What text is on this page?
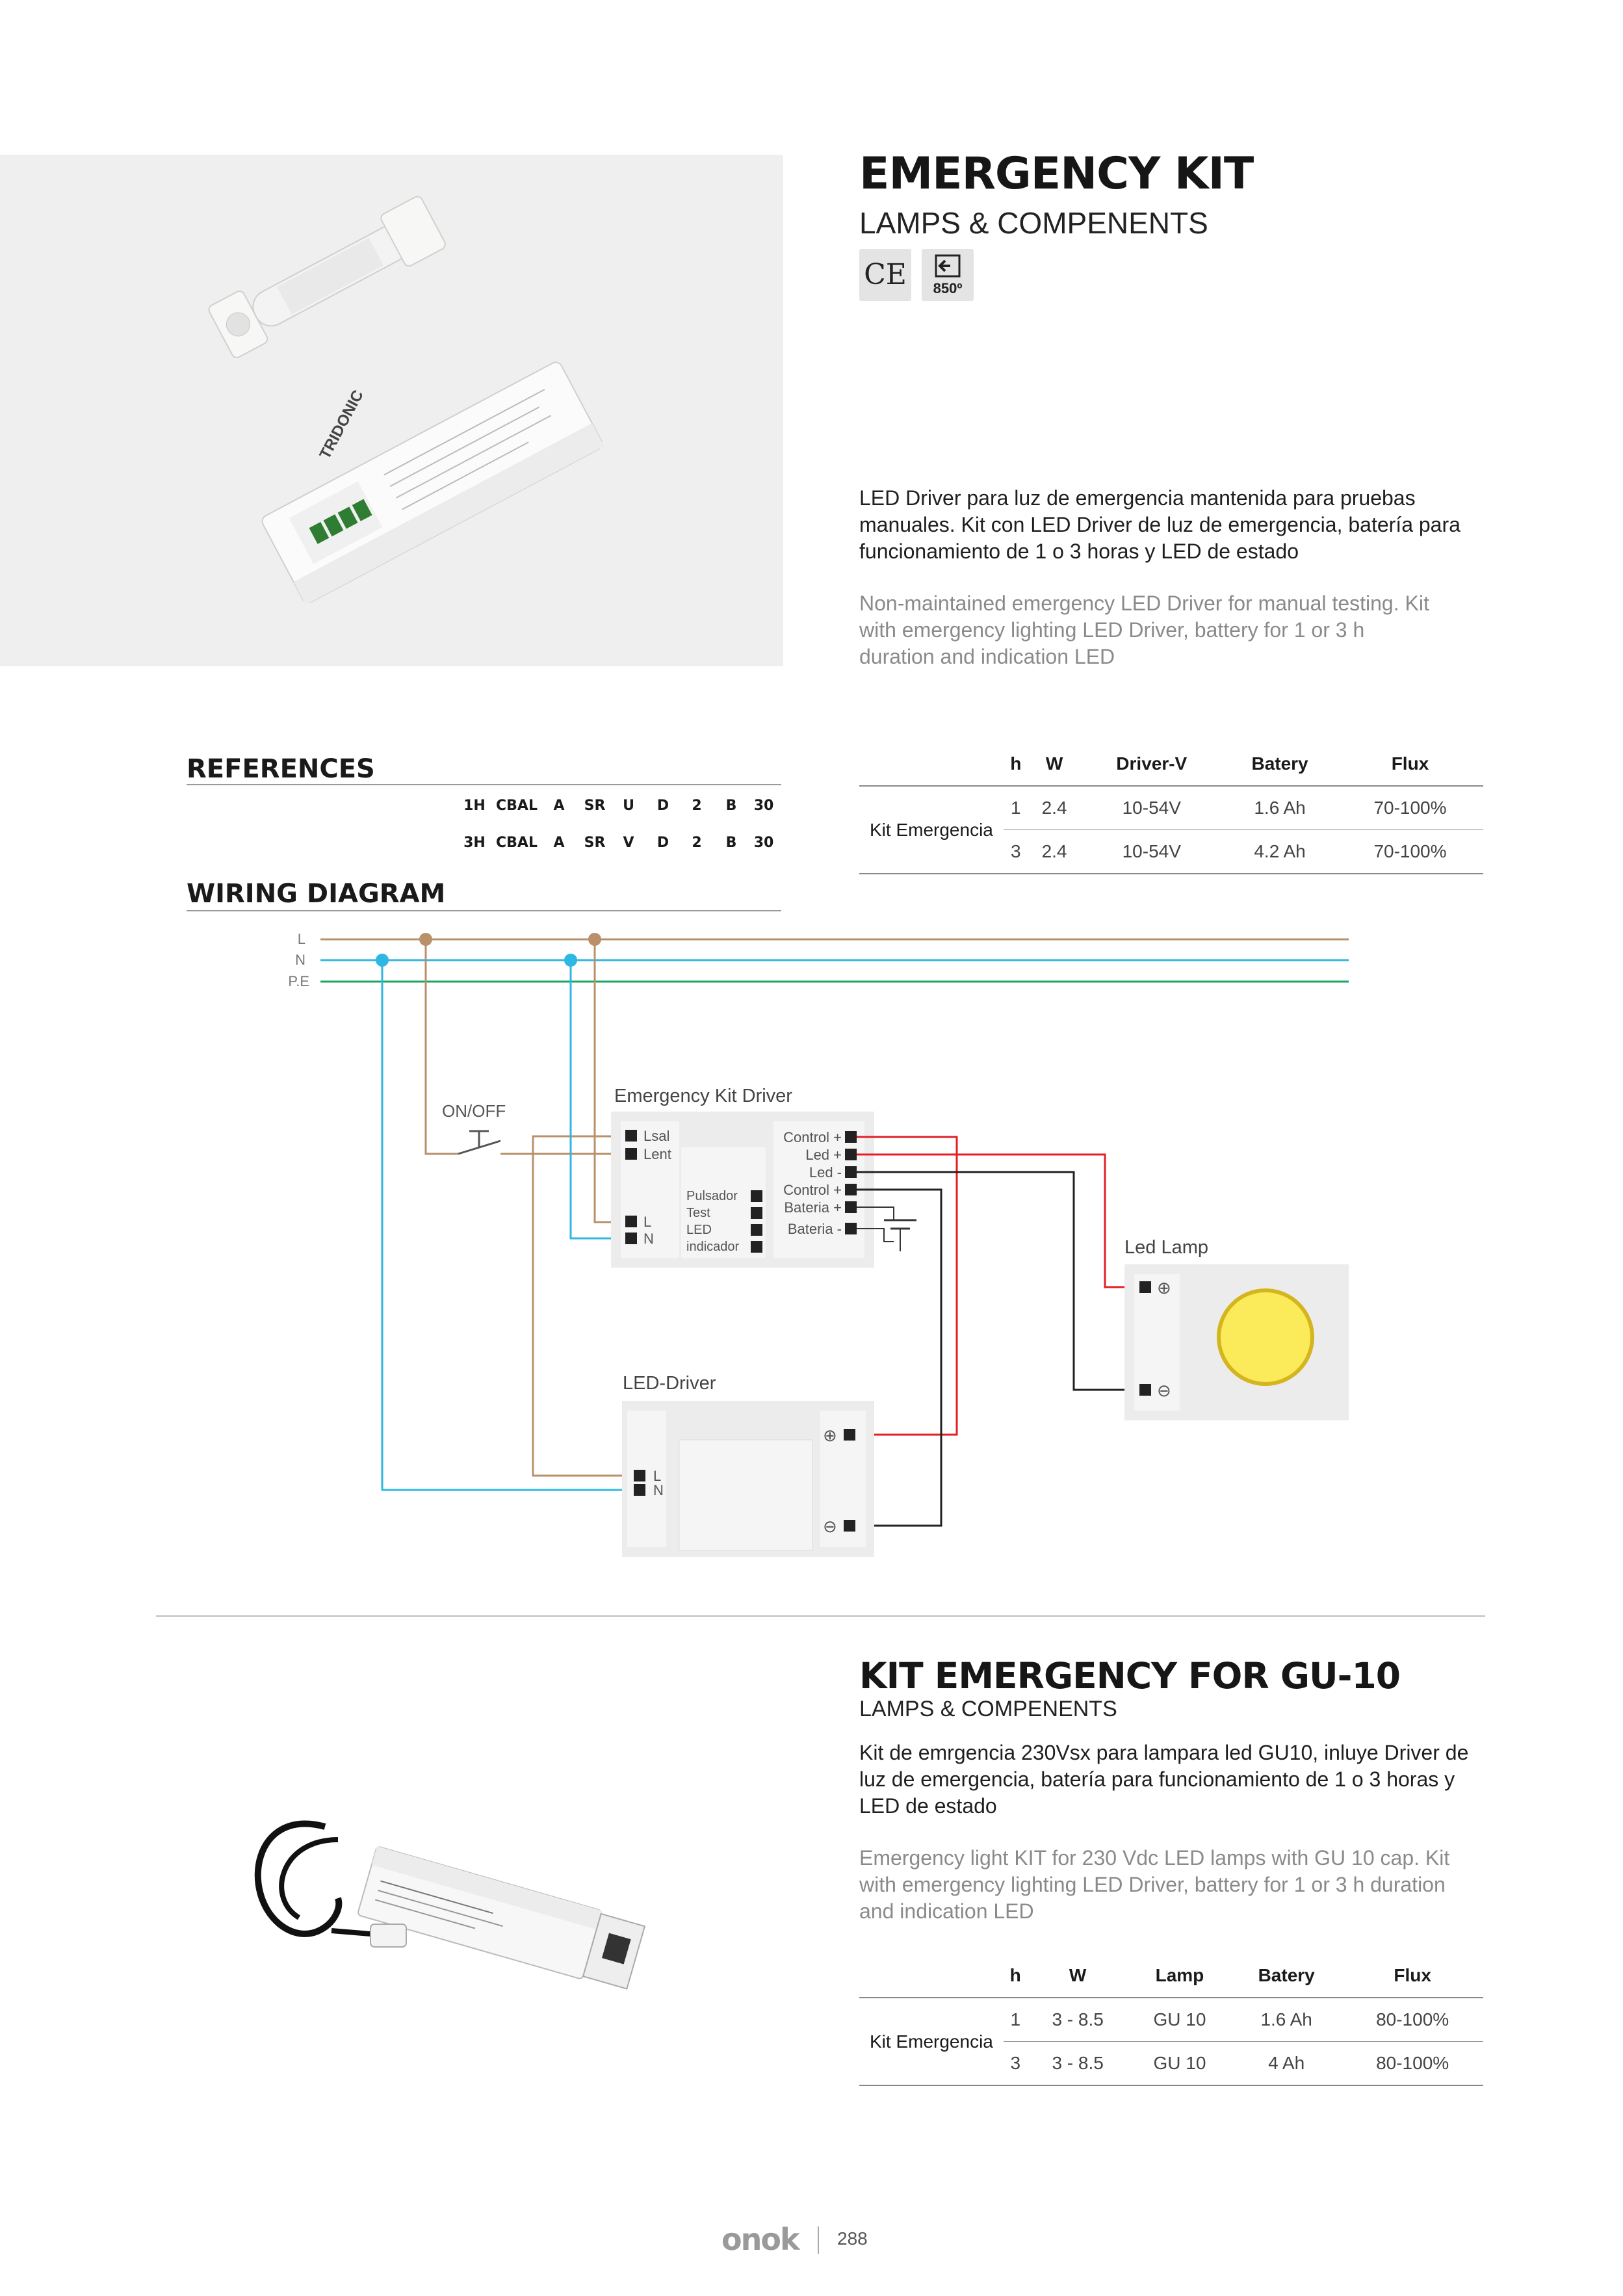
TRIDONIC
EMERGENCY KIT
LAMPS & COMPENENTS
CE	850º
LED Driver para luz de emergencia mantenida para pruebas manuales. Kit con LED Driver de luz de emergencia, batería para funcionamiento de 1 o 3 horas y LED de estado
Non-maintained emergency LED Driver for manual testing. Kit with emergency lighting LED Driver, battery for 1 or 3 h duration and indication LED
REFERENCES
1H CBAL	A	SR	U	D	2	B	30
3H CBAL	A	SR	V	D	2	B	30
	h	W	Driver-V	Batery	Flux
Kit Emergencia	1	2.4	10-54V	1.6 Ah	70-100%
	3	2.4	10-54V	4.2 Ah	70-100%
WIRING DIAGRAM
L
N
P.E
ON/OFF
Emergency Kit Driver
Lsal
Lent
L
N
Pulsador
Test
LED
indicador
Control +
Led +
Led -
Control +
Bateria +
Bateria -
Led Lamp
⊕
⊖
LED-Driver
L
N
⊕
⊖
KIT EMERGENCY FOR GU-10
LAMPS & COMPENENTS
Kit de emrgencia 230Vsx para lampara led GU10, inluye Driver de luz de emergencia, batería para funcionamiento de 1 o 3 horas y LED de estado
Emergency light KIT for 230 Vdc LED lamps with GU 10 cap. Kit with emergency lighting LED Driver, battery for 1 or 3 h duration and indication LED
	h	W	Lamp	Batery	Flux
Kit Emergencia	1	3 - 8.5	GU 10	1.6 Ah	80-100%
	3	3 - 8.5	GU 10	4 Ah	80-100%
onok 288
